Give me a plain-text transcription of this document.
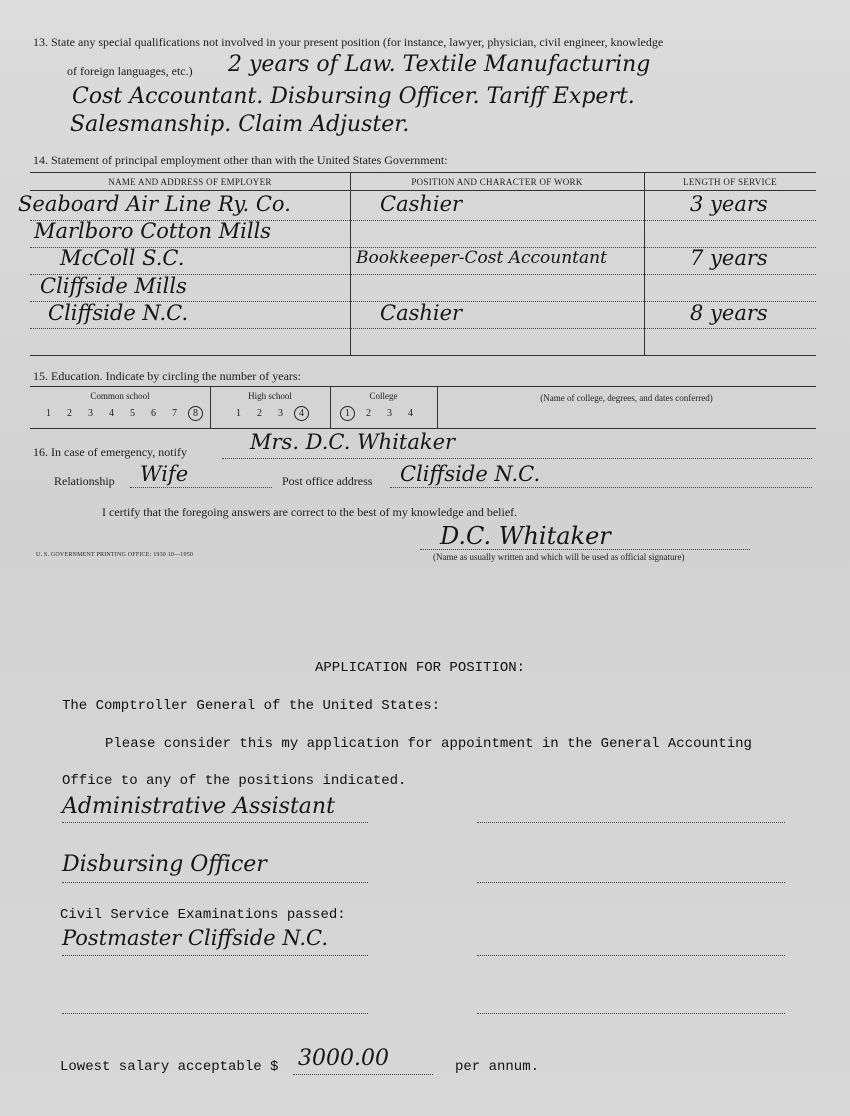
13. State any special qualifications not involved in your present position (for instance, lawyer, physician, civil engineer, knowledge
of foreign languages, etc.) 2 years of Law. Textile Manufacturing
Cost Accountant. Disbursing Officer. Tariff Expert.
Salesmanship. Claim Adjuster.
14. Statement of principal employment other than with the United States Government:
NAME AND ADDRESS OF EMPLOYER	POSITION AND CHARACTER OF WORK	LENGTH OF SERVICE
Seaboard Air Line Ry. Co.	Cashier	3 years
Marlboro Cotton Mills
McColl S.C.	Bookkeeper-Cost Accountant	7 years
Cliffside Mills
Cliffside N.C.	Cashier	8 years
15. Education. Indicate by circling the number of years:
Common school	High school	College	(Name of college, degrees, and dates conferred)
1 2 3 4 5 6 7 8	1 2 3 4	1 2 3 4
16. In case of emergency, notify	Mrs. D.C. Whitaker
Relationship Wife	Post office address Cliffside N.C.
I certify that the foregoing answers are correct to the best of my knowledge and belief.
D.C. Whitaker
(Name as usually written and which will be used as official signature)
U. S. GOVERNMENT PRINTING OFFICE: 1930 10—1950
APPLICATION FOR POSITION:
The Comptroller General of the United States:
Please consider this my application for appointment in the General Accounting
Office to any of the positions indicated.
Administrative Assistant
Disbursing Officer
Civil Service Examinations passed:
Postmaster Cliffside N.C.
Lowest salary acceptable $ 3000.00	per annum.
